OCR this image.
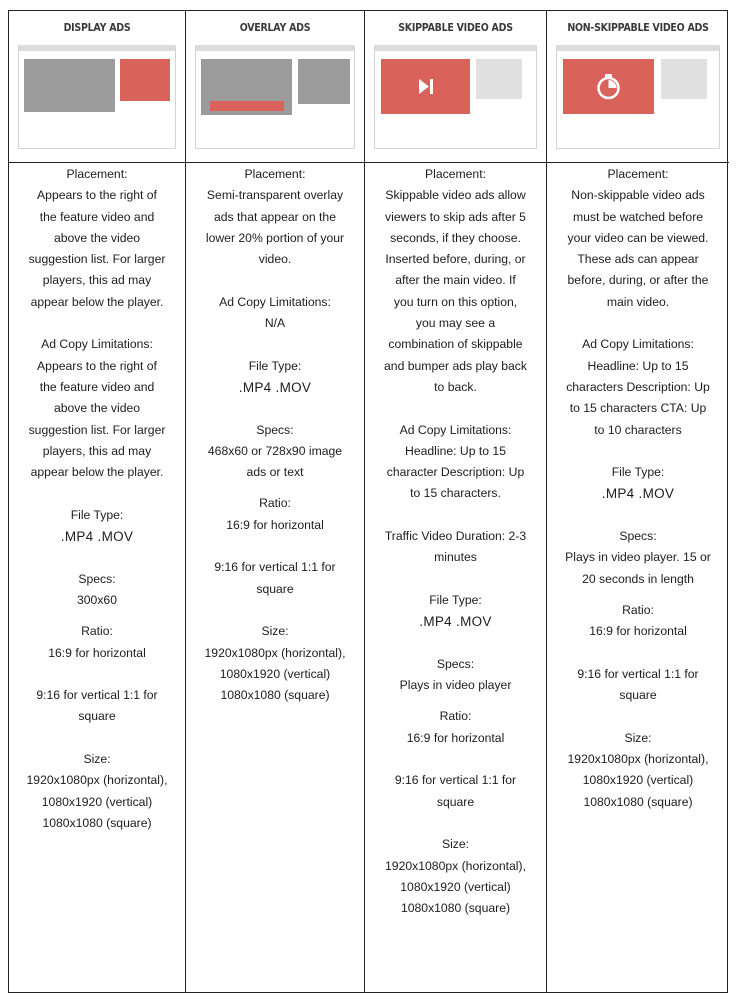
DISPLAY ADS

Placement:

Appears to the right of
the feature video and
above the video
suggestion list. For larger
players, this ad may
appear below the player.

Ad Copy Limitations:

Appears to the right of
the feature video and
above the video
suggestion list. For larger
players, this ad may
appear below the player.

File Type:

.MP4 .MOV

Specs:

300x60

Ratio:

16:9 for horizontal

9:16 for vertical 1:1 for
square

Size:

1920x1080px (horizontal),
1080x1920 (vertical)
1080x1080 (square)

OVERLAY ADS

Placement:

Semi-transparent overlay
ads that appear on the
lower 20% portion of your
video.

Ad Copy Limitations:

N/A

File Type:

.MP4 .MOV

Specs:

468x60 or 728x90 image
ads or text

Ratio:

16:9 for horizontal

9:16 for vertical 1:1 for
square

Size:

1920x1080px (horizontal),
1080x1920 (vertical)
1080x1080 (square)

SKIPPABLE VIDEO ADS

Placement:

Skippable video ads allow
viewers to skip ads after 5
seconds, if they choose.
Inserted before, during, or
after the main video. If
you turn on this option,
you may see a
combination of skippable
and bumper ads play back
to back.

Ad Copy Limitations:

Headline: Up to 15
character Description: Up
to 15 characters.

Traffic Video Duration: 2-3
minutes

File Type:

.MP4 .MOV

Specs:

Plays in video player

Ratio:

16:9 for horizontal

9:16 for vertical 1:1 for
square

Size:

1920x1080px (horizontal),
1080x1920 (vertical)
1080x1080 (square)

NON-SKIPPABLE VIDEO ADS

Placement:

Non-skippable video ads
must be watched before
your video can be viewed.
These ads can appear
before, during, or after the
main video.

Ad Copy Limitations:

Headline: Up to 15
characters Description: Up
to 15 characters CTA: Up
to 10 characters

File Type:

.MP4 .MOV

Specs:

Plays in video player. 15 or
20 seconds in length

Ratio:

16:9 for horizontal

9:16 for vertical 1:1 for
square

Size:

1920x1080px (horizontal),
1080x1920 (vertical)
1080x1080 (square)
